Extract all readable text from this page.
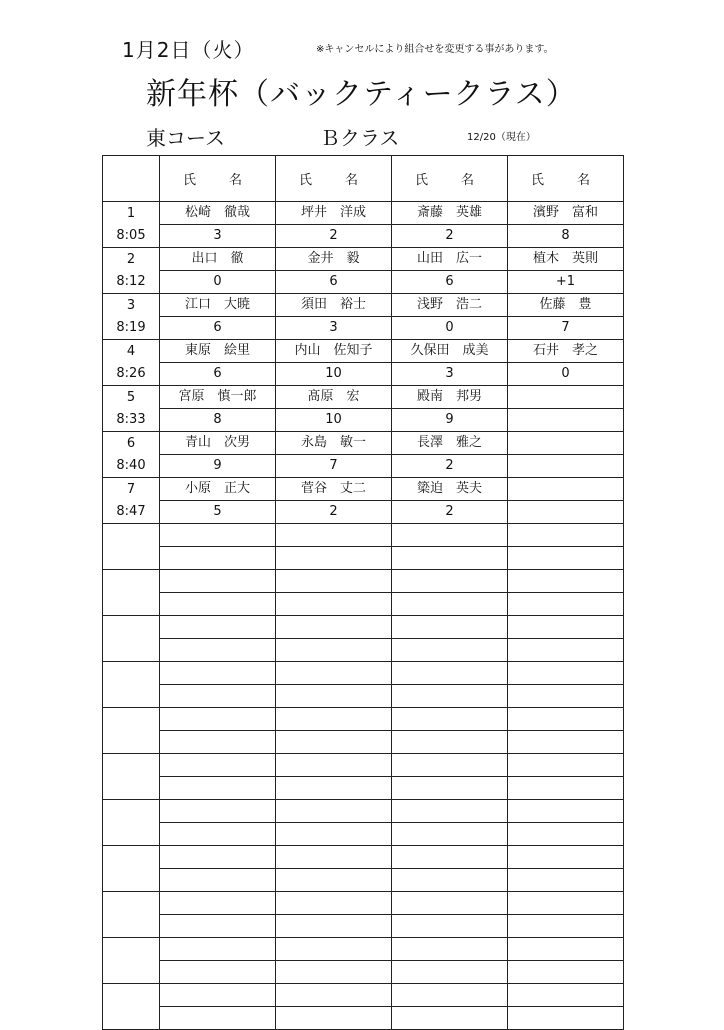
1月2日（火）	※キャンセルにより組合せを変更する事があります。
新年杯（バックティークラス）
東コース	Ｂクラス	12/20（現在）
	氏　名	氏　名	氏　名	氏　名

1
8:05	松崎　徹哉	坪井　洋成	斎藤　英雄	濱野　富和
	3	2	2	8

2
8:12	出口　徹	金井　毅	山田　広一	植木　英則
	0	6	6	+1

3
8:19	江口　大暁	須田　裕士	浅野　浩二	佐藤　豊
	6	3	0	7

4
8:26	東原　絵里	内山　佐知子	久保田　成美	石井　孝之
	6	10	3	0

5
8:33	宮原　慎一郎	髙原　宏	殿南　邦男	
	8	10	9	

6
8:40	青山　次男	永島　敏一	長澤　雅之	
	9	7	2	

7
8:47	小原　正大	菅谷　丈二	簗迫　英夫	
	5	2	2	
